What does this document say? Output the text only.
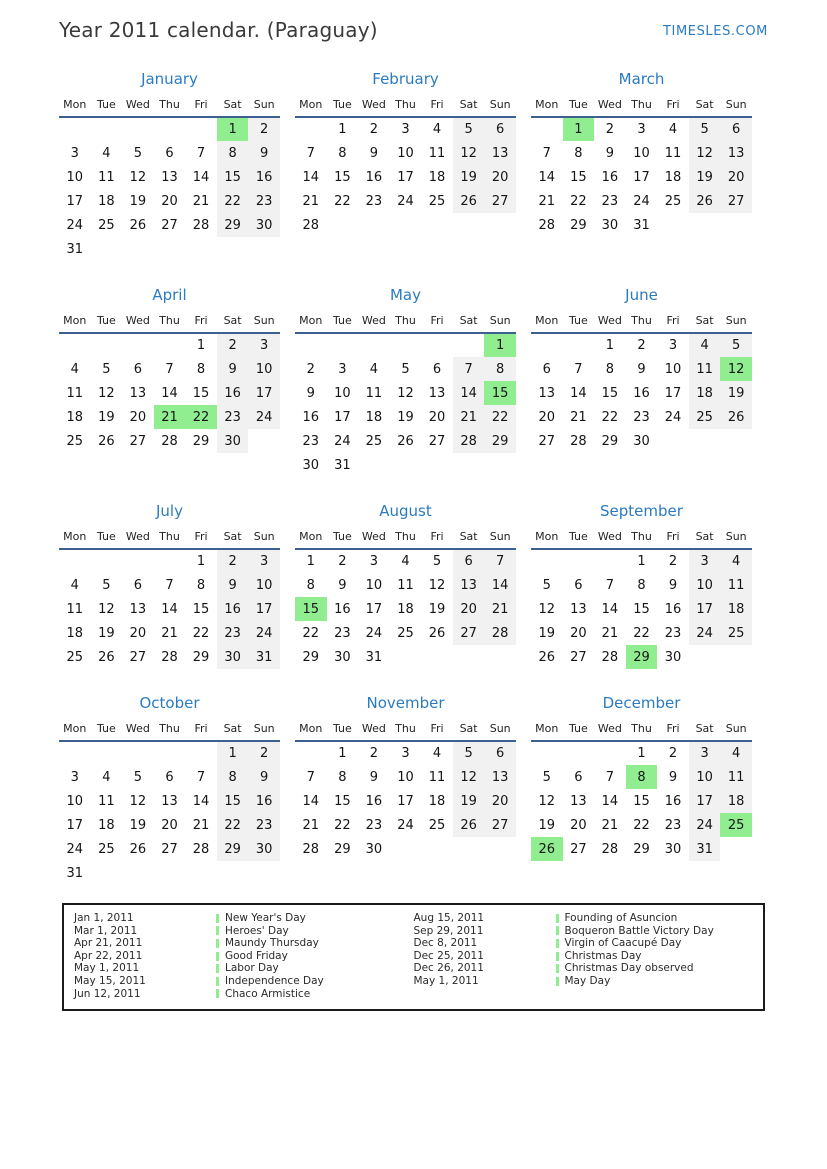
Year 2011 calendar. (Paraguay)	TIMESLES.COM
January
Mon	Tue	Wed	Thu	Fri	Sat	Sun
					1	2
3	4	5	6	7	8	9
10	11	12	13	14	15	16
17	18	19	20	21	22	23
24	25	26	27	28	29	30
31						
February
Mon	Tue	Wed	Thu	Fri	Sat	Sun
	1	2	3	4	5	6
7	8	9	10	11	12	13
14	15	16	17	18	19	20
21	22	23	24	25	26	27
28						
March
Mon	Tue	Wed	Thu	Fri	Sat	Sun
	1	2	3	4	5	6
7	8	9	10	11	12	13
14	15	16	17	18	19	20
21	22	23	24	25	26	27
28	29	30	31			
April
Mon	Tue	Wed	Thu	Fri	Sat	Sun
				1	2	3
4	5	6	7	8	9	10
11	12	13	14	15	16	17
18	19	20	21	22	23	24
25	26	27	28	29	30	
May
Mon	Tue	Wed	Thu	Fri	Sat	Sun
						1
2	3	4	5	6	7	8
9	10	11	12	13	14	15
16	17	18	19	20	21	22
23	24	25	26	27	28	29
30	31					
June
Mon	Tue	Wed	Thu	Fri	Sat	Sun
		1	2	3	4	5
6	7	8	9	10	11	12
13	14	15	16	17	18	19
20	21	22	23	24	25	26
27	28	29	30			
July
Mon	Tue	Wed	Thu	Fri	Sat	Sun
				1	2	3
4	5	6	7	8	9	10
11	12	13	14	15	16	17
18	19	20	21	22	23	24
25	26	27	28	29	30	31
August
Mon	Tue	Wed	Thu	Fri	Sat	Sun
1	2	3	4	5	6	7
8	9	10	11	12	13	14
15	16	17	18	19	20	21
22	23	24	25	26	27	28
29	30	31				
September
Mon	Tue	Wed	Thu	Fri	Sat	Sun
			1	2	3	4
5	6	7	8	9	10	11
12	13	14	15	16	17	18
19	20	21	22	23	24	25
26	27	28	29	30		
October
Mon	Tue	Wed	Thu	Fri	Sat	Sun
					1	2
3	4	5	6	7	8	9
10	11	12	13	14	15	16
17	18	19	20	21	22	23
24	25	26	27	28	29	30
31						
November
Mon	Tue	Wed	Thu	Fri	Sat	Sun
	1	2	3	4	5	6
7	8	9	10	11	12	13
14	15	16	17	18	19	20
21	22	23	24	25	26	27
28	29	30				
December
Mon	Tue	Wed	Thu	Fri	Sat	Sun
			1	2	3	4
5	6	7	8	9	10	11
12	13	14	15	16	17	18
19	20	21	22	23	24	25
26	27	28	29	30	31	
Jan 1, 2011	New Year's Day
Mar 1, 2011	Heroes' Day
Apr 21, 2011	Maundy Thursday
Apr 22, 2011	Good Friday
May 1, 2011	Labor Day
May 15, 2011	Independence Day
Jun 12, 2011	Chaco Armistice
Aug 15, 2011	Founding of Asuncion
Sep 29, 2011	Boqueron Battle Victory Day
Dec 8, 2011	Virgin of Caacupé Day
Dec 25, 2011	Christmas Day
Dec 26, 2011	Christmas Day observed
May 1, 2011	May Day
